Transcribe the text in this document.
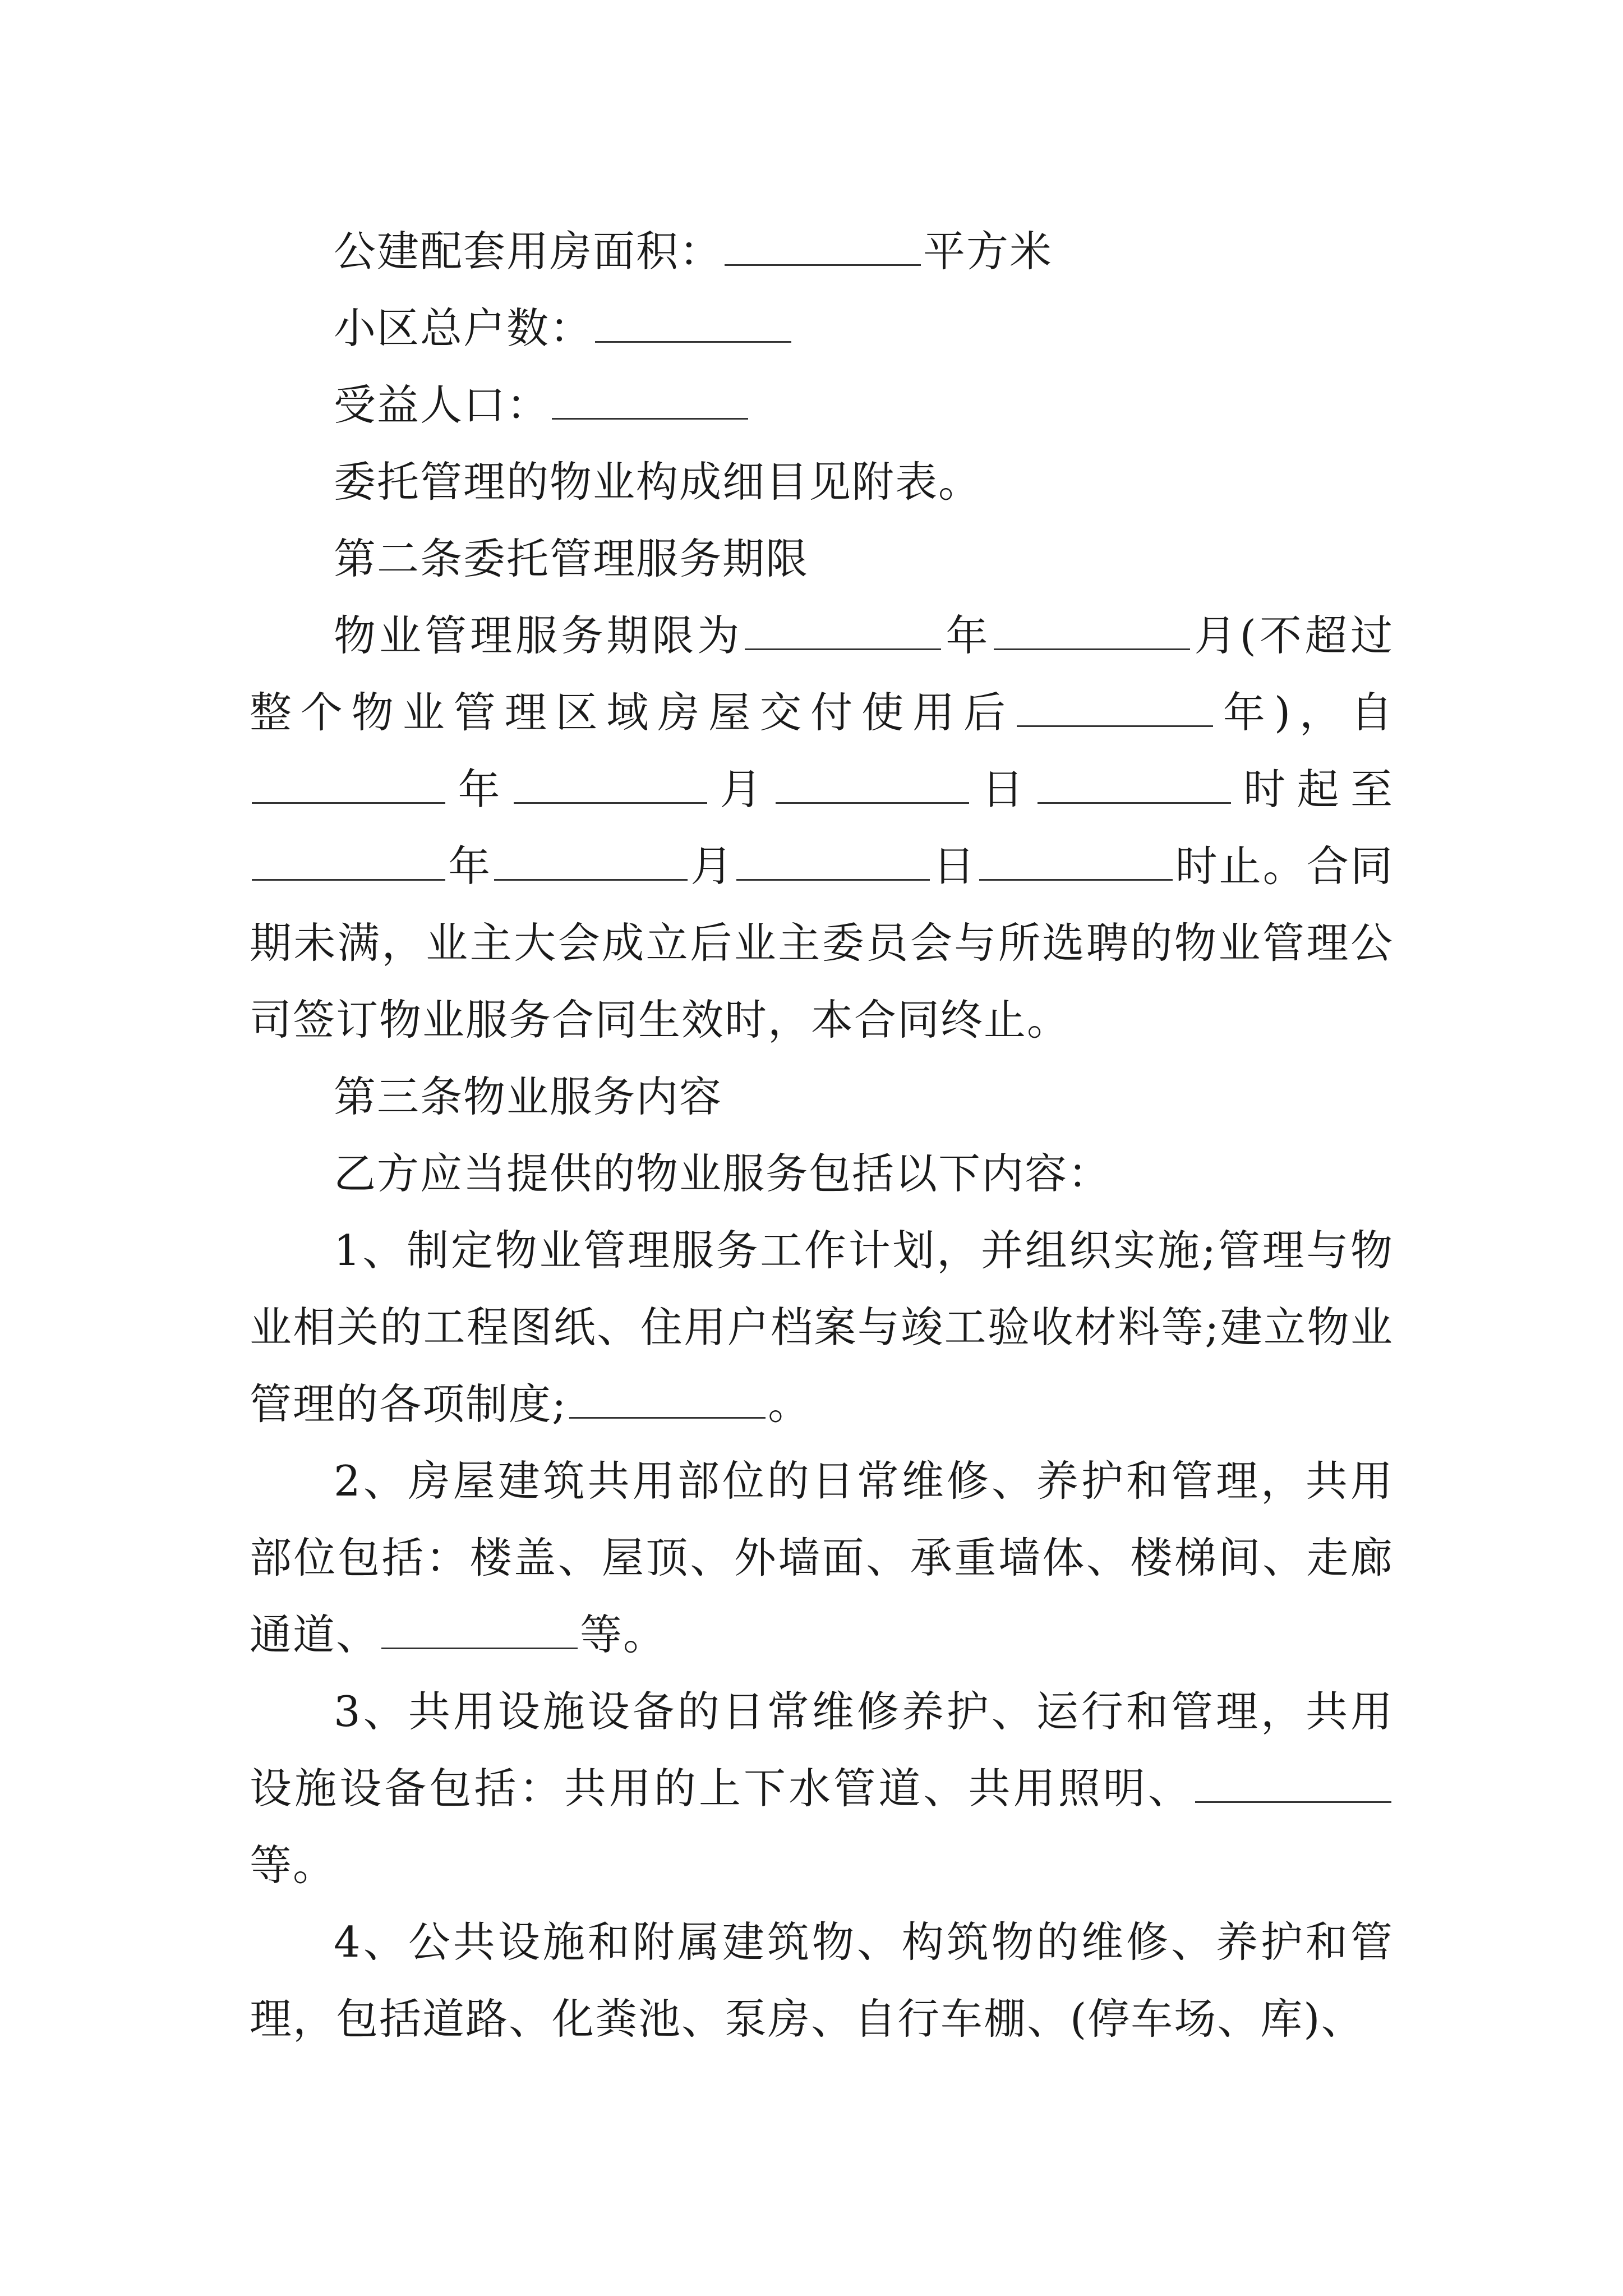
公建配套用房面积：	平方米

小区总户数：

受益人口：

委托管理的物业构成细目见附表。

第二条委托管理服务期限

物业管理服务期限为	年	月(不超过整个物业管理区域房屋交付使用后	年)，自年	月	日	时起至年	月	日	时止。合同期未满，业主大会成立后业主委员会与所选聘的物业管理公司签订物业服务合同生效时，本合同终止。

第三条物业服务内容

乙方应当提供的物业服务包括以下内容：

1、制定物业管理服务工作计划，并组织实施;管理与物业相关的工程图纸、住用户档案与竣工验收材料等;建立物业管理的各项制度;	。

2、房屋建筑共用部位的日常维修、养护和管理，共用部位包括：楼盖、屋顶、外墙面、承重墙体、楼梯间、走廊通道、	等。

3、共用设施设备的日常维修养护、运行和管理，共用设施设备包括：共用的上下水管道、共用照明、等。

4、公共设施和附属建筑物、构筑物的维修、养护和管理，包括道路、化粪池、泵房、自行车棚、(停车场、库)、
